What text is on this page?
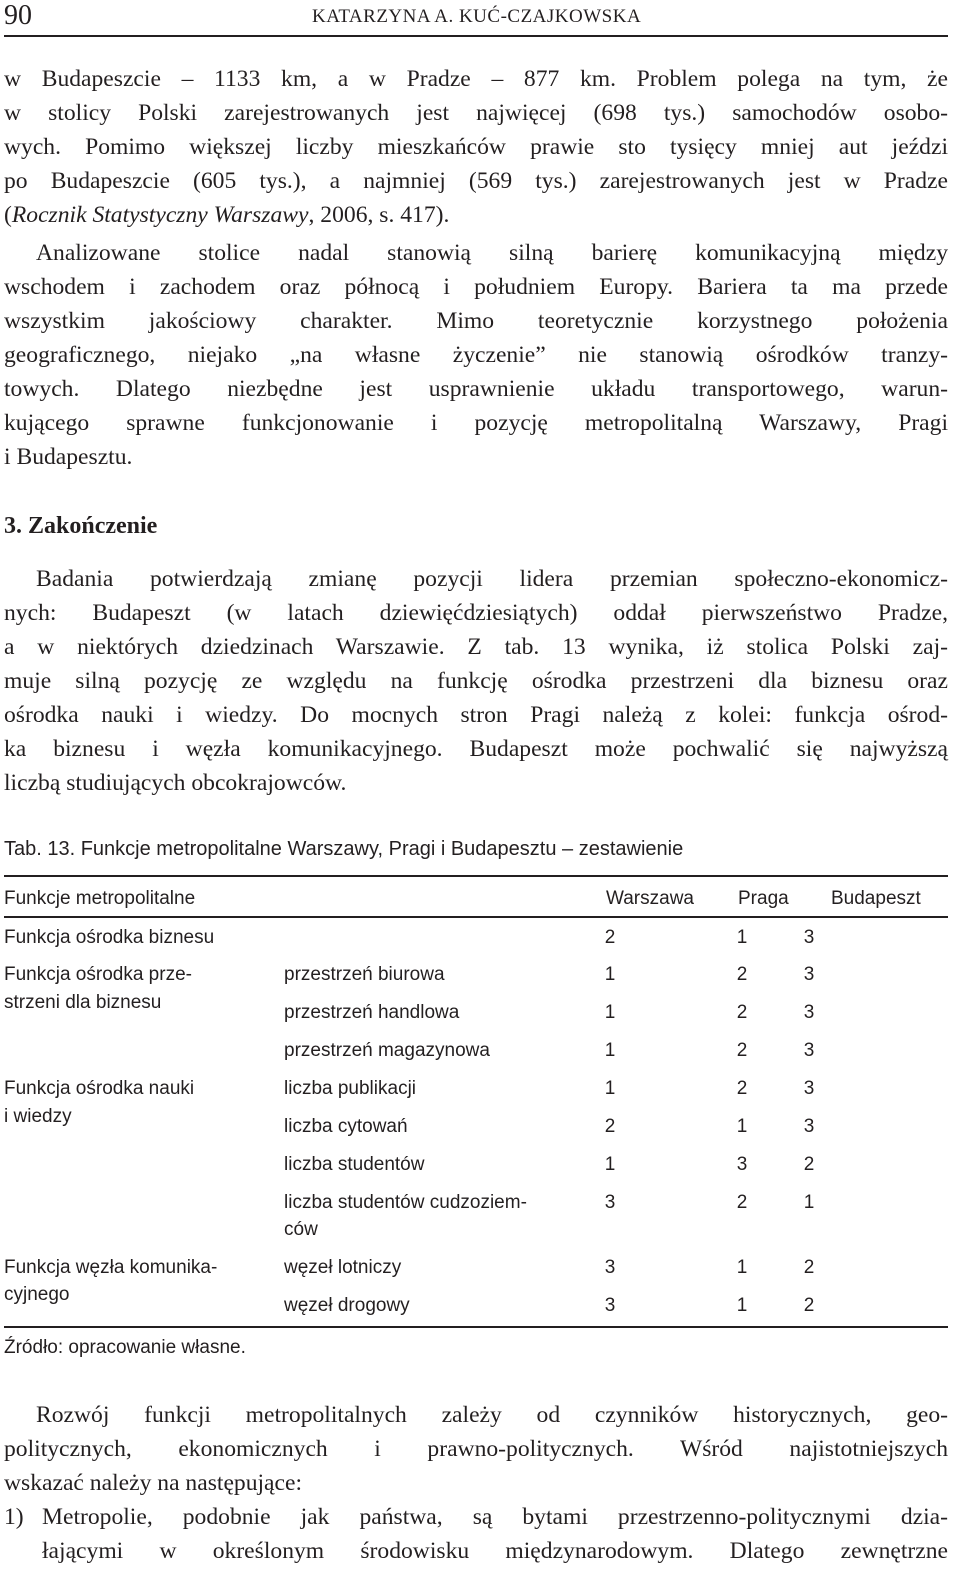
90	KATARZYNA A. KUĆ-CZAJKOWSKA
w Budapeszcie – 1133 km, a w Pradze – 877 km. Problem polega na tym, że
w stolicy Polski zarejestrowanych jest najwięcej (698 tys.) samochodów osobo-
wych. Pomimo większej liczby mieszkańców prawie sto tysięcy mniej aut jeździ
po Budapeszcie (605 tys.), a najmniej (569 tys.) zarejestrowanych jest w Pradze
(Rocznik Statystyczny Warszawy, 2006, s. 417).
Analizowane stolice nadal stanowią silną barierę komunikacyjną między
wschodem i zachodem oraz północą i południem Europy. Bariera ta ma przede
wszystkim jakościowy charakter. Mimo teoretycznie korzystnego położenia
geograficznego, niejako „na własne życzenie” nie stanowią ośrodków tranzy-
towych. Dlatego niezbędne jest usprawnienie układu transportowego, warun-
kującego sprawne funkcjonowanie i pozycję metropolitalną Warszawy, Pragi
i Budapesztu.
3. Zakończenie
Badania potwierdzają zmianę pozycji lidera przemian społeczno-ekonomicz-
nych: Budapeszt (w latach dziewięćdziesiątych) oddał pierwszeństwo Pradze,
a w niektórych dziedzinach Warszawie. Z tab. 13 wynika, iż stolica Polski zaj-
muje silną pozycję ze względu na funkcję ośrodka przestrzeni dla biznesu oraz
ośrodka nauki i wiedzy. Do mocnych stron Pragi należą z kolei: funkcja ośrod-
ka biznesu i węzła komunikacyjnego. Budapeszt może pochwalić się najwyższą
liczbą studiujących obcokrajowców.
Tab. 13. Funkcje metropolitalne Warszawy, Pragi i Budapesztu – zestawienie
Funkcje metropolitalne	Warszawa Praga Budapeszt
Funkcja ośrodka biznesu	2	1	3
Funkcja ośrodka prze-
strzeni dla biznesu
przestrzeń biurowa	1	2	3
przestrzeń handlowa	1	2	3
przestrzeń magazynowa	1	2	3
Funkcja ośrodka nauki
i wiedzy
liczba publikacji	1	2	3
liczba cytowań	2	1	3
liczba studentów	1	3	2
liczba studentów cudzoziem-
ców
3	2	1
Funkcja węzła komunika-
cyjnego
węzeł lotniczy	3	1	2
węzeł drogowy	3	1	2
Źródło: opracowanie własne.
Rozwój funkcji metropolitalnych zależy od czynników historycznych, geo-
politycznych, ekonomicznych i prawno-politycznych. Wśród najistotniejszych
wskazać należy na następujące:
1) Metropolie, podobnie jak państwa, są bytami przestrzenno-politycznymi dzia-
łającymi w określonym środowisku międzynarodowym. Dlatego zewnętrzne
